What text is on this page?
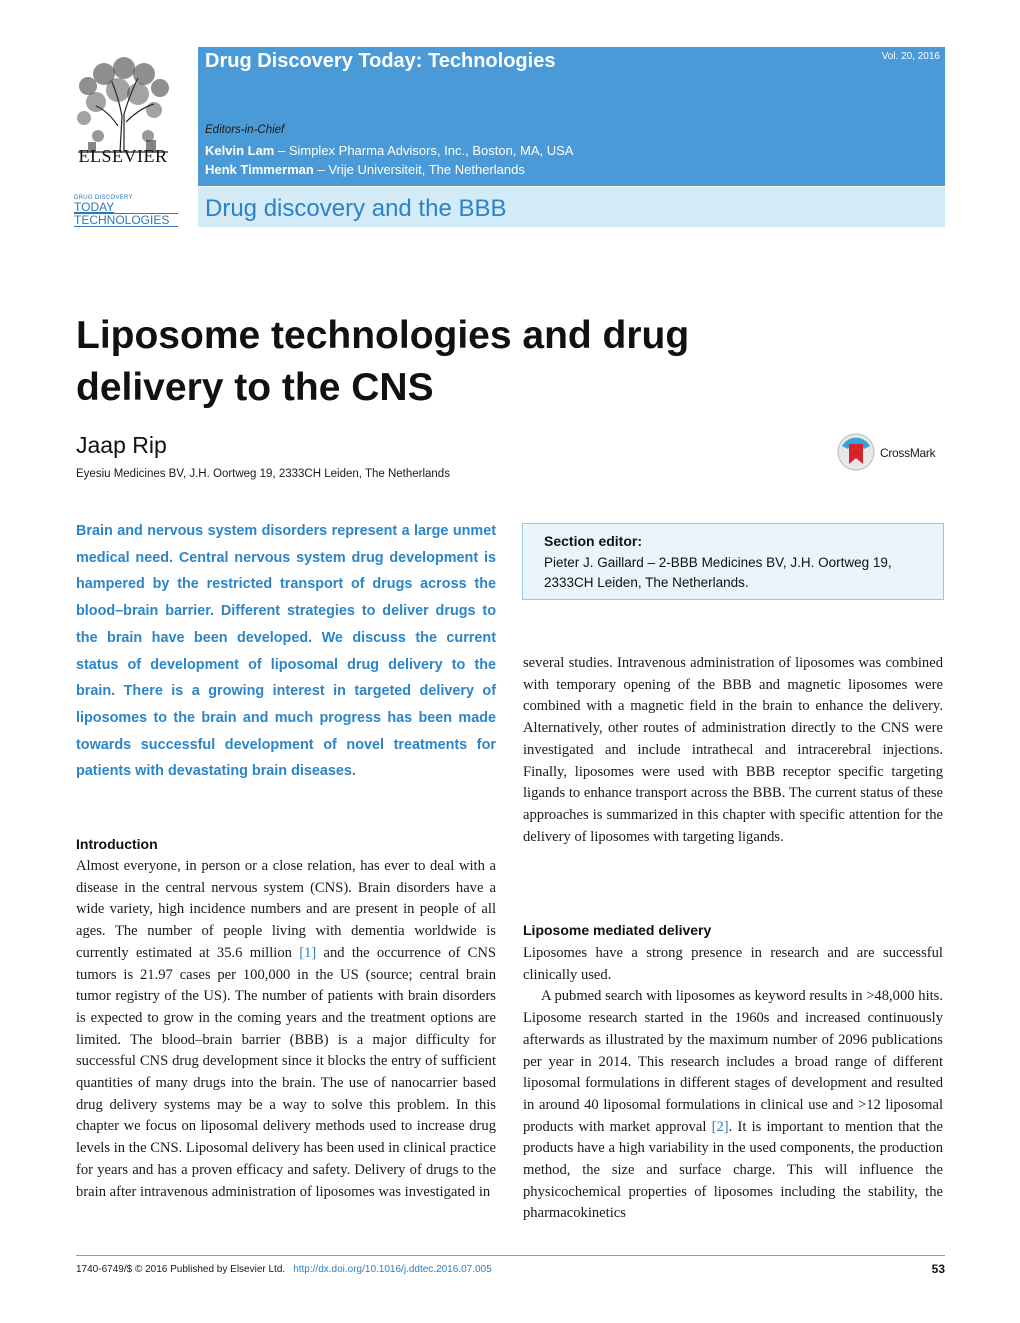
ELSEVIER
DRUG DISCOVERY
TODAY
TECHNOLOGIES
Drug Discovery Today: Technologies	Vol. 20, 2016
Editors-in-Chief
Kelvin Lam – Simplex Pharma Advisors, Inc., Boston, MA, USA
Henk Timmerman – Vrije Universiteit, The Netherlands
Drug discovery and the BBB
Liposome technologies and drug delivery to the CNS
Jaap Rip
Eyesiu Medicines BV, J.H. Oortweg 19, 2333CH Leiden, The Netherlands
CrossMark
Brain and nervous system disorders represent a large unmet medical need. Central nervous system drug development is hampered by the restricted transport of drugs across the blood–brain barrier. Different strategies to deliver drugs to the brain have been developed. We discuss the current status of development of liposomal drug delivery to the brain. There is a growing interest in targeted delivery of liposomes to the brain and much progress has been made towards successful development of novel treatments for patients with devastating brain diseases.
Section editor:
Pieter J. Gaillard – 2-BBB Medicines BV, J.H. Oortweg 19, 2333CH Leiden, The Netherlands.
Introduction

Almost everyone, in person or a close relation, has ever to deal with a disease in the central nervous system (CNS). Brain disorders have a wide variety, high incidence numbers and are present in people of all ages. The number of people living with dementia worldwide is currently estimated at 35.6 million [1] and the occurrence of CNS tumors is 21.97 cases per 100,000 in the US (source; central brain tumor registry of the US). The number of patients with brain disorders is expected to grow in the coming years and the treatment options are limited. The blood–brain barrier (BBB) is a major difficulty for successful CNS drug development since it blocks the entry of sufficient quantities of many drugs into the brain. The use of nanocarrier based drug delivery systems may be a way to solve this problem. In this chapter we focus on liposomal delivery methods used to increase drug levels in the CNS. Liposomal delivery has been used in clinical practice for years and has a proven efficacy and safety. Delivery of drugs to the brain after intravenous administration of liposomes was investigated in

several studies. Intravenous administration of liposomes was combined with temporary opening of the BBB and magnetic liposomes were combined with a magnetic field in the brain to enhance the delivery. Alternatively, other routes of administration directly to the CNS were investigated and include intrathecal and intracerebral injections. Finally, liposomes were used with BBB receptor specific targeting ligands to enhance transport across the BBB. The current status of these approaches is summarized in this chapter with specific attention for the delivery of liposomes with targeting ligands.

Liposome mediated delivery

Liposomes have a strong presence in research and are successful clinically used.

A pubmed search with liposomes as keyword results in >48,000 hits. Liposome research started in the 1960s and increased continuously afterwards as illustrated by the maximum number of 2096 publications per year in 2014. This research includes a broad range of different liposomal formulations in different stages of development and resulted in around 40 liposomal formulations in clinical use and >12 liposomal products with market approval [2]. It is important to mention that the products have a high variability in the used components, the production method, the size and surface charge. This will influence the physicochemical properties of liposomes including the stability, the pharmacokinetics

1740-6749/$ © 2016 Published by Elsevier Ltd. http://dx.doi.org/10.1016/j.ddtec.2016.07.005	53
